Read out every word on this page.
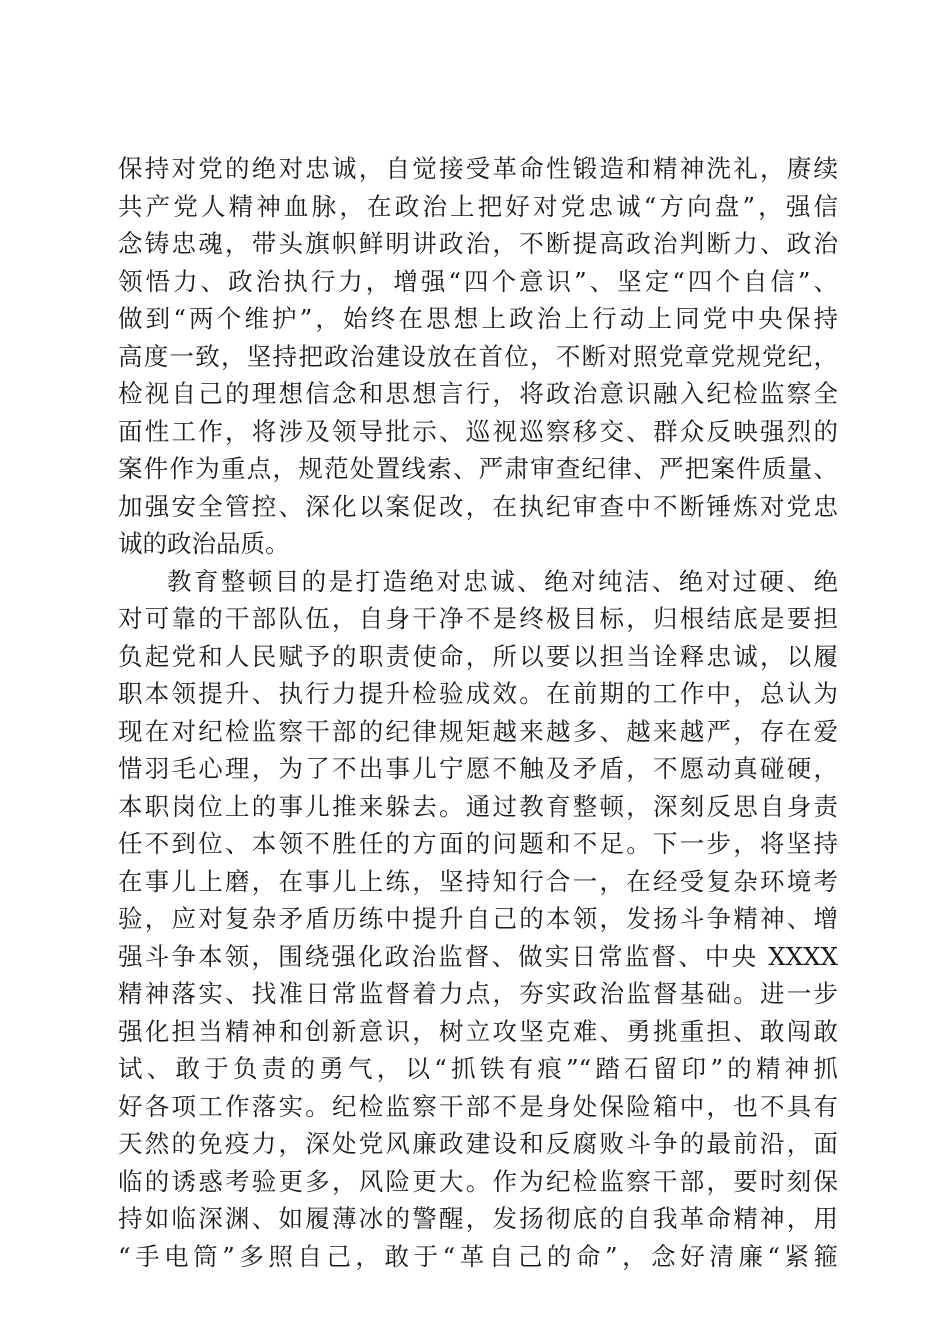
保持对党的绝对忠诚，自觉接受革命性锻造和精神洗礼，赓续
共产党人精神血脉，在政治上把好对党忠诚“方向盘”，强信
念铸忠魂，带头旗帜鲜明讲政治，不断提高政治判断力、政治
领悟力、政治执行力，增强“四个意识”、坚定“四个自信”、
做到“两个维护”，始终在思想上政治上行动上同党中央保持
高度一致，坚持把政治建设放在首位，不断对照党章党规党纪，
检视自己的理想信念和思想言行，将政治意识融入纪检监察全
面性工作，将涉及领导批示、巡视巡察移交、群众反映强烈的
案件作为重点，规范处置线索、严肃审查纪律、严把案件质量、
加强安全管控、深化以案促改，在执纪审查中不断锤炼对党忠
诚的政治品质。
教育整顿目的是打造绝对忠诚、绝对纯洁、绝对过硬、绝
对可靠的干部队伍，自身干净不是终极目标，归根结底是要担
负起党和人民赋予的职责使命，所以要以担当诠释忠诚，以履
职本领提升、执行力提升检验成效。在前期的工作中，总认为
现在对纪检监察干部的纪律规矩越来越多、越来越严，存在爱
惜羽毛心理，为了不出事儿宁愿不触及矛盾，不愿动真碰硬，
本职岗位上的事儿推来躲去。通过教育整顿，深刻反思自身责
任不到位、本领不胜任的方面的问题和不足。下一步，将坚持
在事儿上磨，在事儿上练，坚持知行合一，在经受复杂环境考
验，应对复杂矛盾历练中提升自己的本领，发扬斗争精神、增
强斗争本领，围绕强化政治监督、做实日常监督、中央 XXXX
精神落实、找准日常监督着力点，夯实政治监督基础。进一步
强化担当精神和创新意识，树立攻坚克难、勇挑重担、敢闯敢
试、敢于负责的勇气，以“抓铁有痕”“踏石留印”的精神抓
好各项工作落实。纪检监察干部不是身处保险箱中，也不具有
天然的免疫力，深处党风廉政建设和反腐败斗争的最前沿，面
临的诱惑考验更多，风险更大。作为纪检监察干部，要时刻保
持如临深渊、如履薄冰的警醒，发扬彻底的自我革命精神，用
“手电筒”多照自己，敢于“革自己的命”，念好清廉“紧箍
